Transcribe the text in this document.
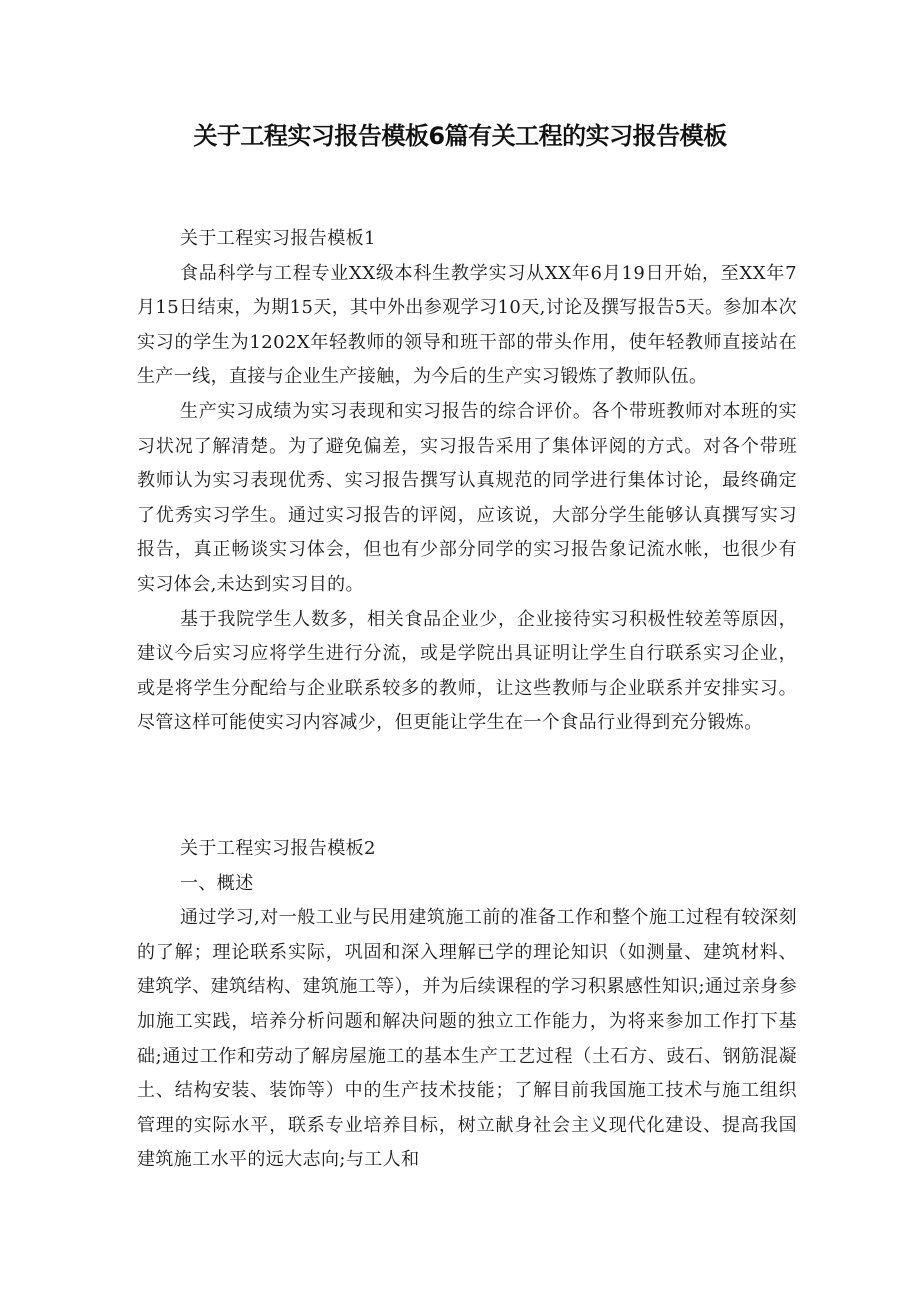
关于工程实习报告模板6篇有关工程的实习报告模板

关于工程实习报告模板1

食品科学与工程专业XX级本科生教学实习从XX年6月19日开始，至XX年7月15日结束，为期15天，其中外出参观学习10天,讨论及撰写报告5天。参加本次实习的学生为1202X年轻教师的领导和班干部的带头作用，使年轻教师直接站在生产一线，直接与企业生产接触，为今后的生产实习锻炼了教师队伍。

生产实习成绩为实习表现和实习报告的综合评价。各个带班教师对本班的实习状况了解清楚。为了避免偏差，实习报告采用了集体评阅的方式。对各个带班教师认为实习表现优秀、实习报告撰写认真规范的同学进行集体讨论，最终确定了优秀实习学生。通过实习报告的评阅，应该说，大部分学生能够认真撰写实习报告，真正畅谈实习体会，但也有少部分同学的实习报告象记流水帐，也很少有实习体会,未达到实习目的。

基于我院学生人数多，相关食品企业少，企业接待实习积极性较差等原因，建议今后实习应将学生进行分流，或是学院出具证明让学生自行联系实习企业，或是将学生分配给与企业联系较多的教师，让这些教师与企业联系并安排实习。尽管这样可能使实习内容减少，但更能让学生在一个食品行业得到充分锻炼。

关于工程实习报告模板2

一、概述

通过学习,对一般工业与民用建筑施工前的准备工作和整个施工过程有较深刻的了解；理论联系实际，巩固和深入理解已学的理论知识（如测量、建筑材料、建筑学、建筑结构、建筑施工等），并为后续课程的学习积累感性知识;通过亲身参加施工实践，培养分析问题和解决问题的独立工作能力，为将来参加工作打下基础;通过工作和劳动了解房屋施工的基本生产工艺过程（土石方、豉石、钢筋混凝土、结构安装、装饰等）中的生产技术技能；了解目前我国施工技术与施工组织管理的实际水平，联系专业培养目标，树立献身社会主义现代化建设、提高我国建筑施工水平的远大志向;与工人和
